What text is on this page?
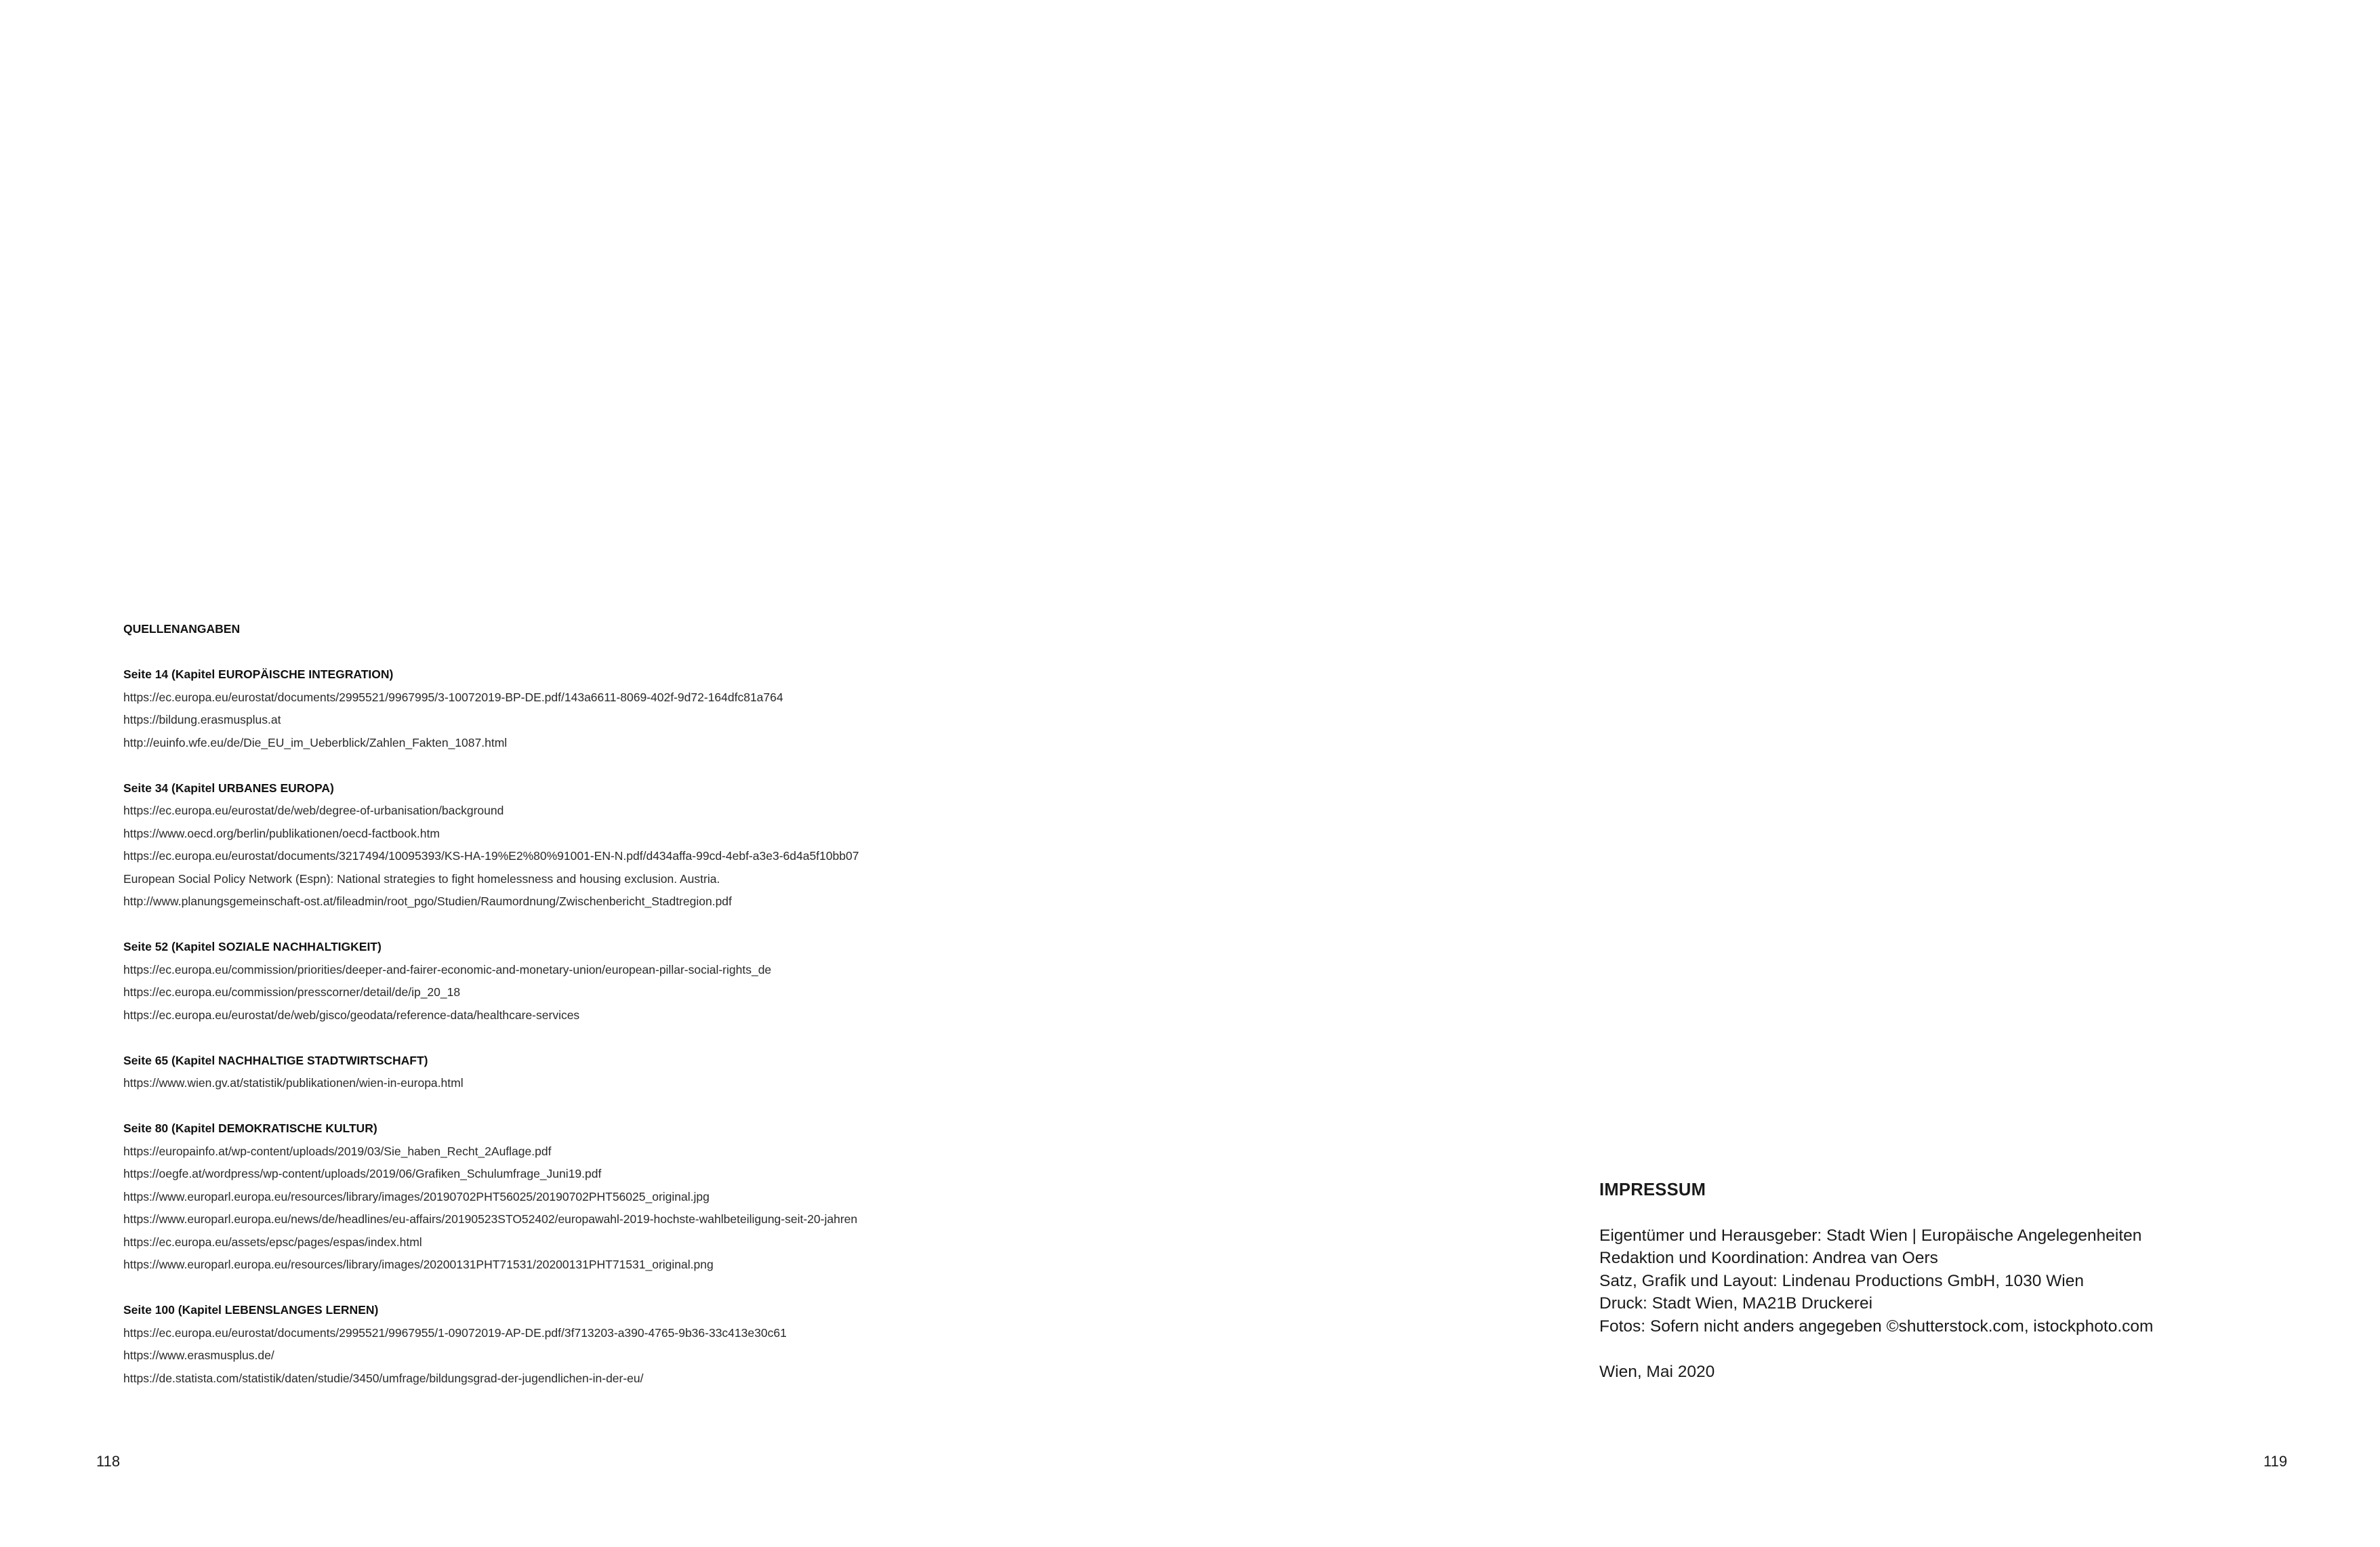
QUELLENANGABEN
Seite 14 (Kapitel EUROPÄISCHE INTEGRATION)
https://ec.europa.eu/eurostat/documents/2995521/9967995/3-10072019-BP-DE.pdf/143a6611-8069-402f-9d72-164dfc81a764
https://bildung.erasmusplus.at
http://euinfo.wfe.eu/de/Die_EU_im_Ueberblick/Zahlen_Fakten_1087.html
Seite 34 (Kapitel URBANES EUROPA)
https://ec.europa.eu/eurostat/de/web/degree-of-urbanisation/background
https://www.oecd.org/berlin/publikationen/oecd-factbook.htm
https://ec.europa.eu/eurostat/documents/3217494/10095393/KS-HA-19%E2%80%91001-EN-N.pdf/d434affa-99cd-4ebf-a3e3-6d4a5f10bb07
European Social Policy Network (Espn): National strategies to fight homelessness and housing exclusion. Austria.
http://www.planungsgemeinschaft-ost.at/fileadmin/root_pgo/Studien/Raumordnung/Zwischenbericht_Stadtregion.pdf
Seite 52 (Kapitel SOZIALE NACHHALTIGKEIT)
https://ec.europa.eu/commission/priorities/deeper-and-fairer-economic-and-monetary-union/european-pillar-social-rights_de
https://ec.europa.eu/commission/presscorner/detail/de/ip_20_18
https://ec.europa.eu/eurostat/de/web/gisco/geodata/reference-data/healthcare-services
Seite 65 (Kapitel NACHHALTIGE STADTWIRTSCHAFT)
https://www.wien.gv.at/statistik/publikationen/wien-in-europa.html
Seite 80 (Kapitel DEMOKRATISCHE KULTUR)
https://europainfo.at/wp-content/uploads/2019/03/Sie_haben_Recht_2Auflage.pdf
https://oegfe.at/wordpress/wp-content/uploads/2019/06/Grafiken_Schulumfrage_Juni19.pdf
https://www.europarl.europa.eu/resources/library/images/20190702PHT56025/20190702PHT56025_original.jpg
https://www.europarl.europa.eu/news/de/headlines/eu-affairs/20190523STO52402/europawahl-2019-hochste-wahlbeteiligung-seit-20-jahren
https://ec.europa.eu/assets/epsc/pages/espas/index.html
https://www.europarl.europa.eu/resources/library/images/20200131PHT71531/20200131PHT71531_original.png
Seite 100 (Kapitel LEBENSLANGES LERNEN)
https://ec.europa.eu/eurostat/documents/2995521/9967955/1-09072019-AP-DE.pdf/3f713203-a390-4765-9b36-33c413e30c61
https://www.erasmusplus.de/
https://de.statista.com/statistik/daten/studie/3450/umfrage/bildungsgrad-der-jugendlichen-in-der-eu/
IMPRESSUM
Eigentümer und Herausgeber: Stadt Wien | Europäische Angelegenheiten
Redaktion und Koordination: Andrea van Oers
Satz, Grafik und Layout: Lindenau Productions GmbH, 1030 Wien
Druck: Stadt Wien, MA21B Druckerei
Fotos: Sofern nicht anders angegeben ©shutterstock.com, istockphoto.com
Wien, Mai 2020
118	119
